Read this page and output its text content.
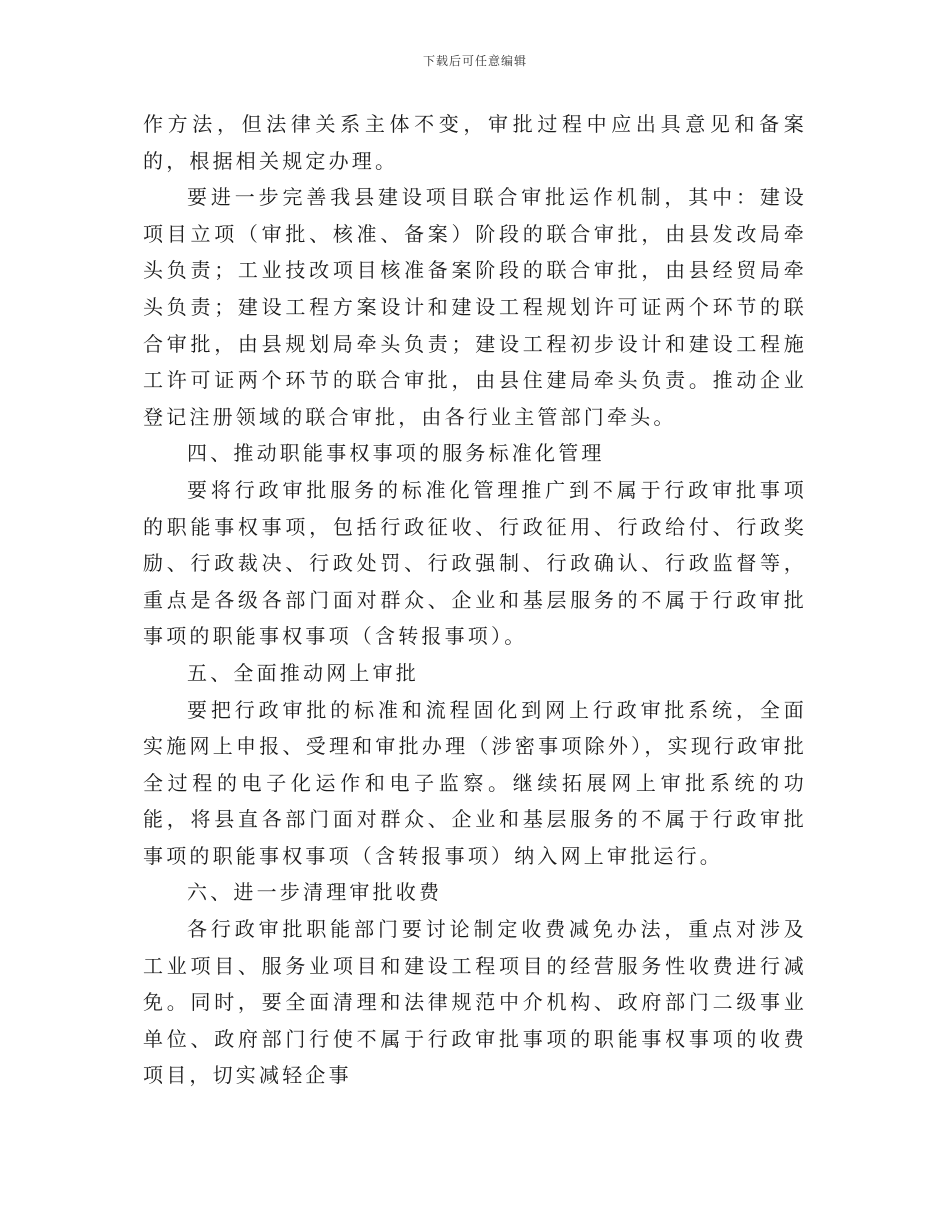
下载后可任意编辑

作方法，但法律关系主体不变，审批过程中应出具意见和备案的，根据相关规定办理。

要进一步完善我县建设项目联合审批运作机制，其中：建设项目立项（审批、核准、备案）阶段的联合审批，由县发改局牵头负责；工业技改项目核准备案阶段的联合审批，由县经贸局牵头负责；建设工程方案设计和建设工程规划许可证两个环节的联合审批，由县规划局牵头负责；建设工程初步设计和建设工程施工许可证两个环节的联合审批，由县住建局牵头负责。推动企业登记注册领域的联合审批，由各行业主管部门牵头。

四、推动职能事权事项的服务标准化管理

要将行政审批服务的标准化管理推广到不属于行政审批事项的职能事权事项，包括行政征收、行政征用、行政给付、行政奖励、行政裁决、行政处罚、行政强制、行政确认、行政监督等，重点是各级各部门面对群众、企业和基层服务的不属于行政审批事项的职能事权事项（含转报事项）。

五、全面推动网上审批

要把行政审批的标准和流程固化到网上行政审批系统，全面实施网上申报、受理和审批办理（涉密事项除外），实现行政审批全过程的电子化运作和电子监察。继续拓展网上审批系统的功能，将县直各部门面对群众、企业和基层服务的不属于行政审批事项的职能事权事项（含转报事项）纳入网上审批运行。

六、进一步清理审批收费

各行政审批职能部门要讨论制定收费减免办法，重点对涉及工业项目、服务业项目和建设工程项目的经营服务性收费进行减免。同时，要全面清理和法律规范中介机构、政府部门二级事业单位、政府部门行使不属于行政审批事项的职能事权事项的收费项目，切实减轻企事
